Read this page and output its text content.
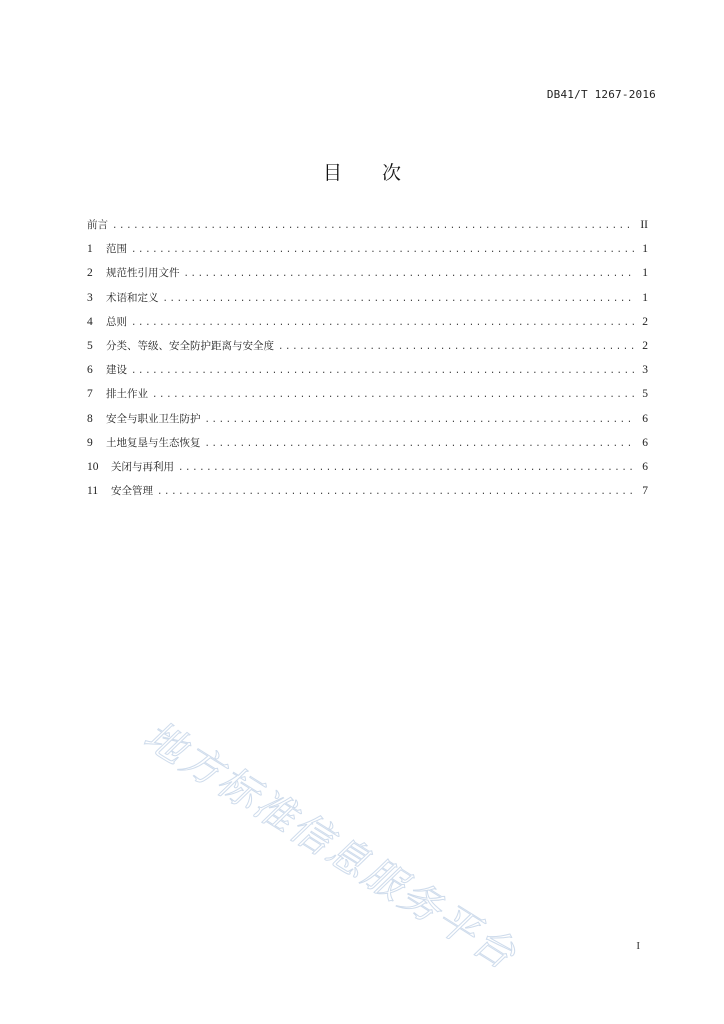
DB41/T 1267-2016
目 次
前言 . . .	II
1	范围 . . .	1
2	规范性引用文件 . . .	1
3	术语和定义 . . .	1
4	总则 . . .	2
5	分类、等级、安全防护距离与安全度 . . .	2
6	建设 . . .	3
7	排土作业 . . .	5
8	安全与职业卫生防护 . . .	6
9	土地复垦与生态恢复 . . .	6
10	关闭与再利用 . . .	6
11	安全管理 . . .	7
地方标准信息服务平台	I
